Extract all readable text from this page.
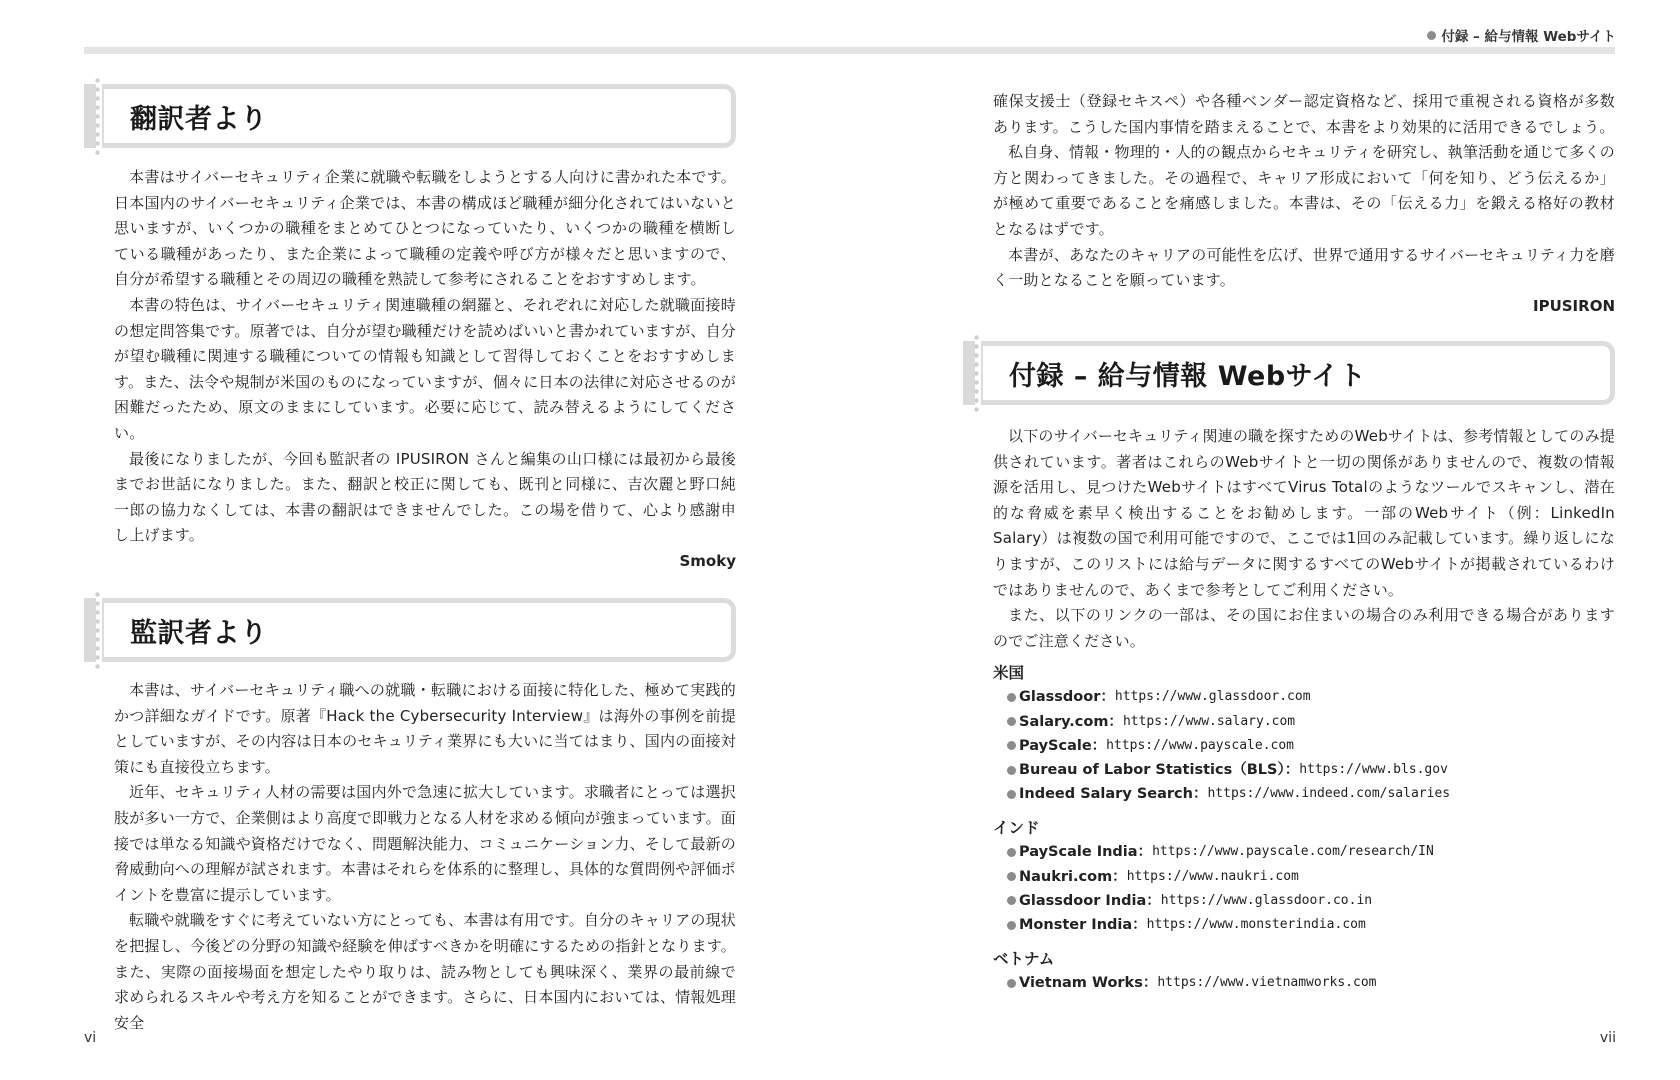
付録 – 給与情報 Webサイト
翻訳者より

本書はサイバーセキュリティ企業に就職や転職をしようとする人向けに書かれた本です。日本国内のサイバーセキュリティ企業では、本書の構成ほど職種が細分化されてはいないと思いますが、いくつかの職種をまとめてひとつになっていたり、いくつかの職種を横断している職種があったり、また企業によって職種の定義や呼び方が様々だと思いますので、自分が希望する職種とその周辺の職種を熟読して参考にされることをおすすめします。

本書の特色は、サイバーセキュリティ関連職種の網羅と、それぞれに対応した就職面接時の想定問答集です。原著では、自分が望む職種だけを読めばいいと書かれていますが、自分が望む職種に関連する職種についての情報も知識として習得しておくことをおすすめします。また、法令や規制が米国のものになっていますが、個々に日本の法律に対応させるのが困難だったため、原文のままにしています。必要に応じて、読み替えるようにしてください。

最後になりましたが、今回も監訳者の IPUSIRON さんと編集の山口様には最初から最後までお世話になりました。また、翻訳と校正に関しても、既刊と同様に、吉次麗と野口純一郎の協力なくしては、本書の翻訳はできませんでした。この場を借りて、心より感謝申し上げます。

Smoky
監訳者より

本書は、サイバーセキュリティ職への就職・転職における面接に特化した、極めて実践的かつ詳細なガイドです。原著『Hack the Cybersecurity Interview』は海外の事例を前提としていますが、その内容は日本のセキュリティ業界にも大いに当てはまり、国内の面接対策にも直接役立ちます。

近年、セキュリティ人材の需要は国内外で急速に拡大しています。求職者にとっては選択肢が多い一方で、企業側はより高度で即戦力となる人材を求める傾向が強まっています。面接では単なる知識や資格だけでなく、問題解決能力、コミュニケーション力、そして最新の脅威動向への理解が試されます。本書はそれらを体系的に整理し、具体的な質問例や評価ポイントを豊富に提示しています。

転職や就職をすぐに考えていない方にとっても、本書は有用です。自分のキャリアの現状を把握し、今後どの分野の知識や経験を伸ばすべきかを明確にするための指針となります。また、実際の面接場面を想定したやり取りは、読み物としても興味深く、業界の最前線で求められるスキルや考え方を知ることができます。さらに、日本国内においては、情報処理安全

vi

確保支援士（登録セキスペ）や各種ベンダー認定資格など、採用で重視される資格が多数あります。こうした国内事情を踏まえることで、本書をより効果的に活用できるでしょう。

私自身、情報・物理的・人的の観点からセキュリティを研究し、執筆活動を通じて多くの方と関わってきました。その過程で、キャリア形成において「何を知り、どう伝えるか」が極めて重要であることを痛感しました。本書は、その「伝える力」を鍛える格好の教材となるはずです。

本書が、あなたのキャリアの可能性を広げ、世界で通用するサイバーセキュリティ力を磨く一助となることを願っています。

IPUSIRON
付録 – 給与情報 Webサイト

以下のサイバーセキュリティ関連の職を探すためのWebサイトは、参考情報としてのみ提供されています。著者はこれらのWebサイトと一切の関係がありませんので、複数の情報源を活用し、見つけたWebサイトはすべてVirus Totalのようなツールでスキャンし、潜在的な脅威を素早く検出することをお勧めします。一部のWebサイト（例：LinkedIn Salary）は複数の国で利用可能ですので、ここでは1回のみ記載しています。繰り返しになりますが、このリストには給与データに関するすべてのWebサイトが掲載されているわけではありませんので、あくまで参考としてご利用ください。

また、以下のリンクの一部は、その国にお住まいの場合のみ利用できる場合がありますのでご注意ください。

米国
Glassdoor： https://www.glassdoor.com
Salary.com： https://www.salary.com
PayScale： https://www.payscale.com
Bureau of Labor Statistics（BLS）： https://www.bls.gov
Indeed Salary Search： https://www.indeed.com/salaries
インド
PayScale India： https://www.payscale.com/research/IN
Naukri.com： https://www.naukri.com
Glassdoor India： https://www.glassdoor.co.in
Monster India： https://www.monsterindia.com
ベトナム
Vietnam Works： https://www.vietnamworks.com
vii
